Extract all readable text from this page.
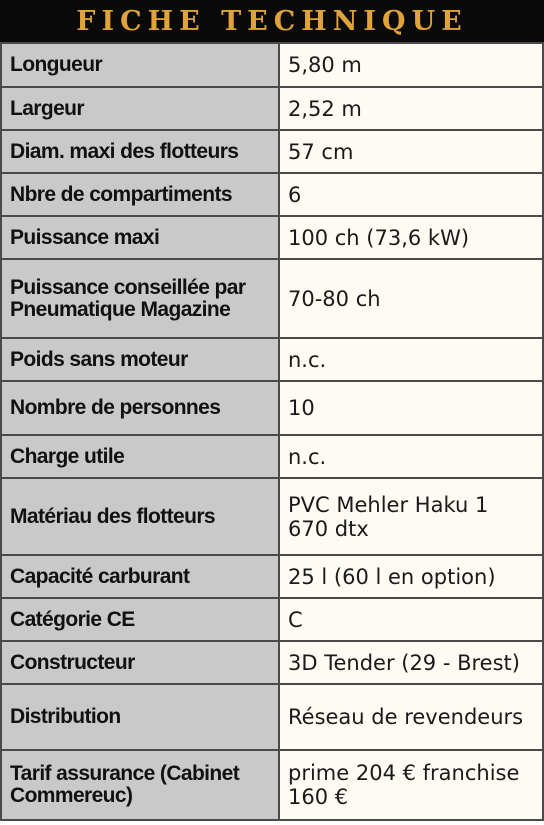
FICHE TECHNIQUE
Longueur	5,80 m
Largeur	2,52 m
Diam. maxi des flotteurs	57 cm
Nbre de compartiments	6
Puissance maxi	100 ch (73,6 kW)
Puissance conseillée par Pneumatique Magazine	70-80 ch
Poids sans moteur	n.c.
Nombre de personnes	10
Charge utile	n.c.
Matériau des flotteurs	PVC Mehler Haku 1 670 dtx
Capacité carburant	25 l (60 l en option)
Catégorie CE	C
Constructeur	3D Tender (29 - Brest)
Distribution	Réseau de revendeurs
Tarif assurance (Cabinet Commereuc)	prime 204 € franchise 160 €
